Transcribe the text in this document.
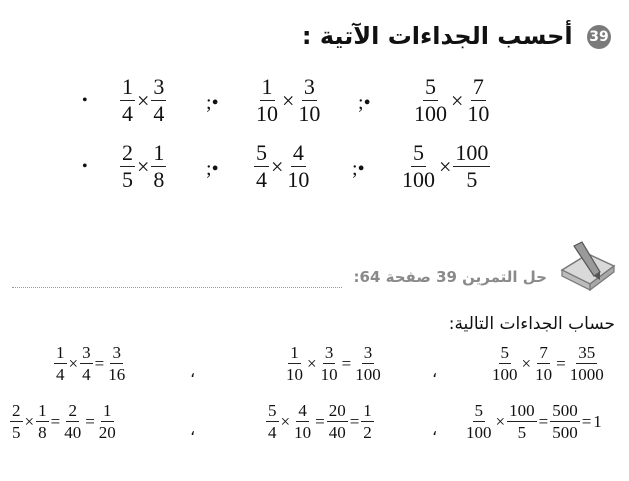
39 أحسب الجداءات الآتية :
• $\frac{1}{4} \times \frac{3}{4}$ ;• $\frac{1}{10} \times \frac{3}{10}$ ;• $\frac{5}{100} \times \frac{7}{10}$
• $\frac{2}{5} \times \frac{1}{8}$ ;• $\frac{5}{4} \times \frac{4}{10}$ ;• $\frac{5}{100} \times \frac{100}{5}$
حل التمرين 39 صفحة 64:
حساب الجداءات التالية:
$\frac{1}{4} \times \frac{3}{4} = \frac{3}{16}$	،	$\frac{1}{10} \times \frac{3}{10} = \frac{3}{100}$	،	$\frac{5}{100} \times \frac{7}{10} = \frac{35}{1000}$
$\frac{2}{5} \times \frac{1}{8} = \frac{2}{40} = \frac{1}{20}$	،	$\frac{5}{4} \times \frac{4}{10} = \frac{20}{40} = \frac{1}{2}$	، $\frac{5}{100} \times \frac{100}{5} = \frac{500}{500} = 1$
